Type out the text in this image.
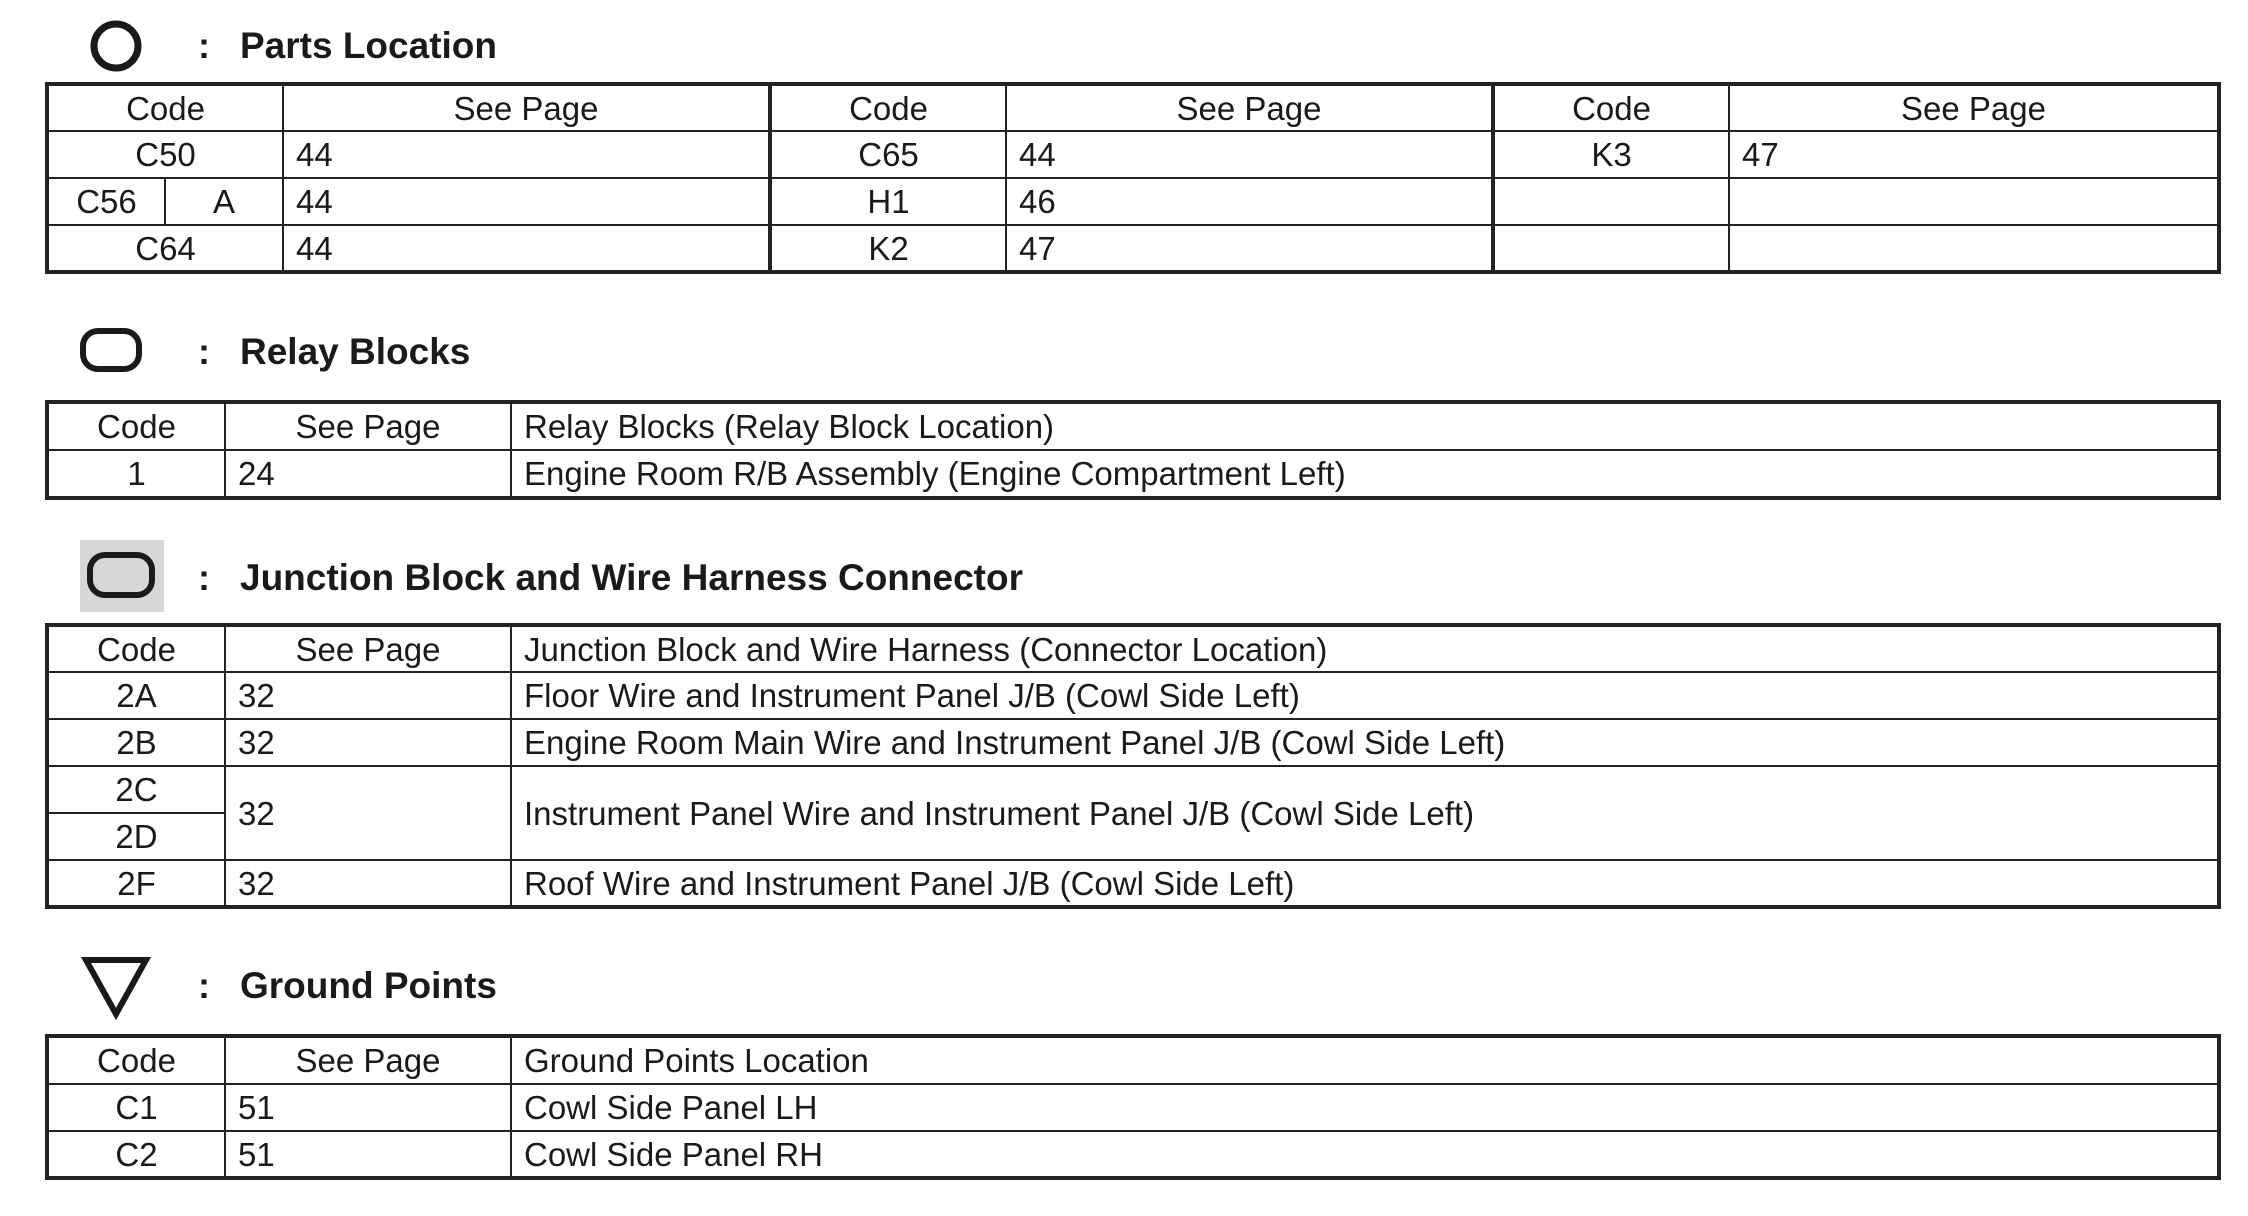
: Parts Location
Code		See Page	Code	See Page	Code	See Page
C50		44	C65	44	K3	47
C56	A	44	H1	46		
C64		44	K2	47		
: Relay Blocks
Code	See Page	Relay Blocks (Relay Block Location)
1	24	Engine Room R/B Assembly (Engine Compartment Left)
: Junction Block and Wire Harness Connector
Code	See Page	Junction Block and Wire Harness (Connector Location)
2A	32	Floor Wire and Instrument Panel J/B (Cowl Side Left)
2B	32	Engine Room Main Wire and Instrument Panel J/B (Cowl Side Left)
2C	32	Instrument Panel Wire and Instrument Panel J/B (Cowl Side Left)
2D		
2F	32	Roof Wire and Instrument Panel J/B (Cowl Side Left)
: Ground Points
Code	See Page	Ground Points Location
C1	51	Cowl Side Panel LH
C2	51	Cowl Side Panel RH
